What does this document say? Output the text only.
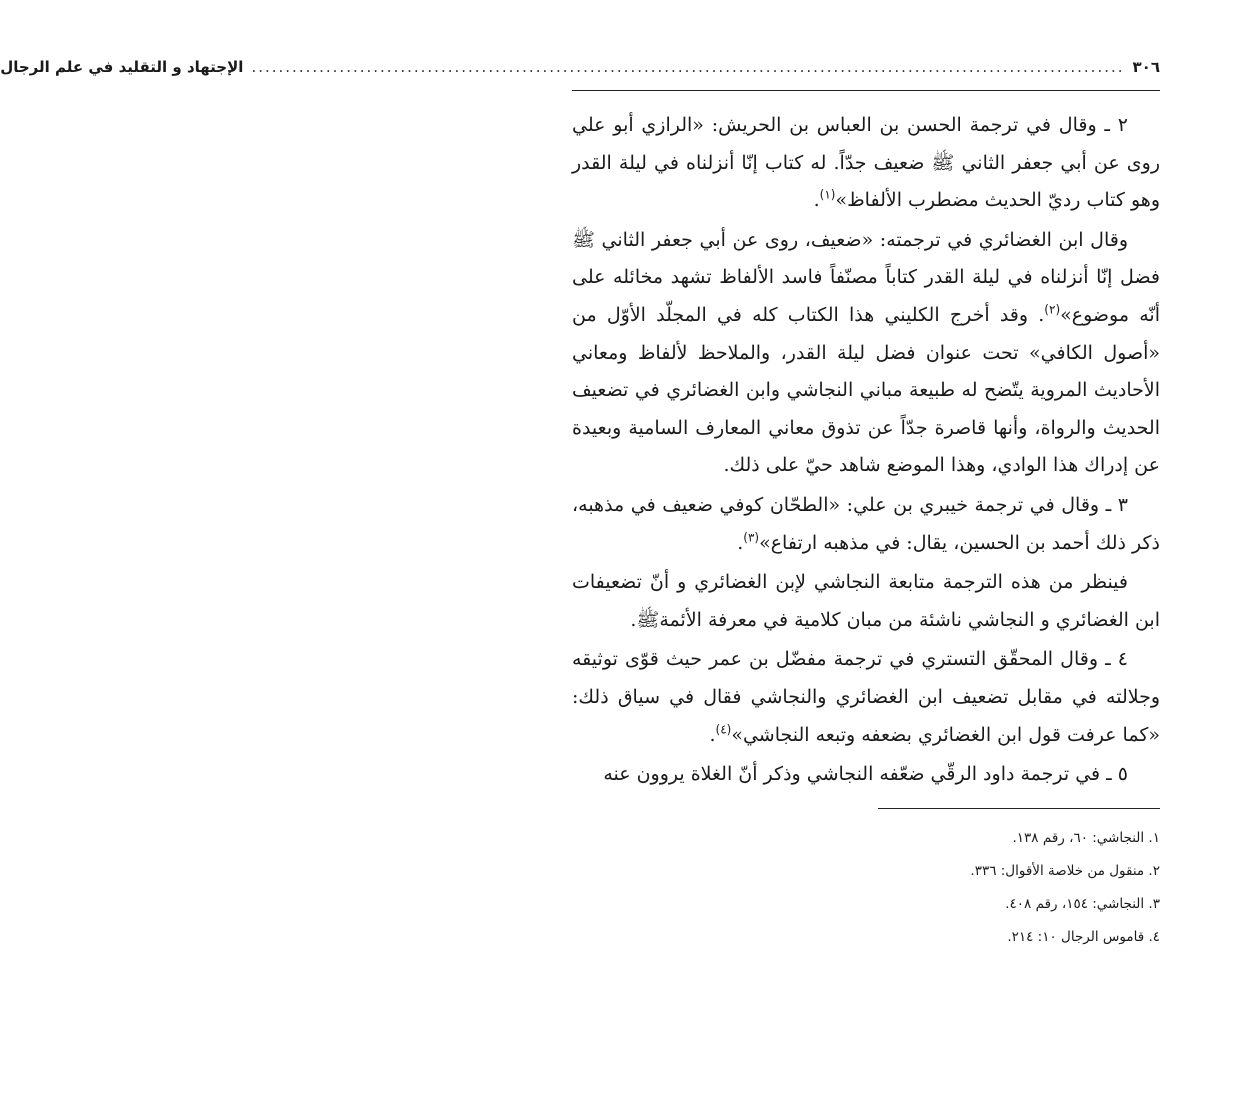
٣٠٦
.................................................................................................................................
الإجتهاد و التقليد في علم الرجال

٢ ـ وقال في ترجمة الحسن بن العباس بن الحريش: «الرازي أبو علي روى عن أبي جعفر الثاني ﷺ ضعيف جدّاً. له كتاب إنّا أنزلناه في ليلة القدر وهو كتاب رديّ الحديث مضطرب الألفاظ»$^{(١)}$.

وقال ابن الغضائري في ترجمته: «ضعيف، روى عن أبي جعفر الثاني ﷺ فضل إنّا أنزلناه في ليلة القدر كتاباً مصنّفاً فاسد الألفاظ تشهد مخائله على أنّه موضوع»$^{(٢)}$. وقد أخرج الكليني هذا الكتاب كله في المجلّد الأوّل من «أصول الكافي» تحت عنوان فضل ليلة القدر، والملاحظ لألفاظ ومعاني الأحاديث المروية يتّضح له طبيعة مباني النجاشي وابن الغضائري في تضعيف الحديث والرواة، وأنها قاصرة جدّاً عن تذوق معاني المعارف السامية وبعيدة عن إدراك هذا الوادي، وهذا الموضع شاهد حيّ على ذلك.

٣ ـ وقال في ترجمة خيبري بن علي: «الطحّان كوفي ضعيف في مذهبه، ذكر ذلك أحمد بن الحسين، يقال: في مذهبه ارتفاع»$^{(٣)}$.

فينظر من هذه الترجمة متابعة النجاشي لإبن الغضائري و أنّ تضعيفات ابن الغضائري و النجاشي ناشئة من مبان كلامية في معرفة الأئمةﷺ.

٤ ـ وقال المحقّق التستري في ترجمة مفضّل بن عمر حيث قوّى توثيقه وجلالته في مقابل تضعيف ابن الغضائري والنجاشي فقال في سياق ذلك: «كما عرفت قول ابن الغضائري بضعفه وتبعه النجاشي»$^{(٤)}$.

٥ ـ في ترجمة داود الرقّي ضعّفه النجاشي وذكر أنّ الغلاة يروون عنه

١. النجاشي: ٦٠، رقم ١٣٨.
٢. منقول من خلاصة الأقوال: ٣٣٦.
٣. النجاشي: ١٥٤، رقم ٤٠٨.
٤. قاموس الرجال ١٠: ٢١٤.
